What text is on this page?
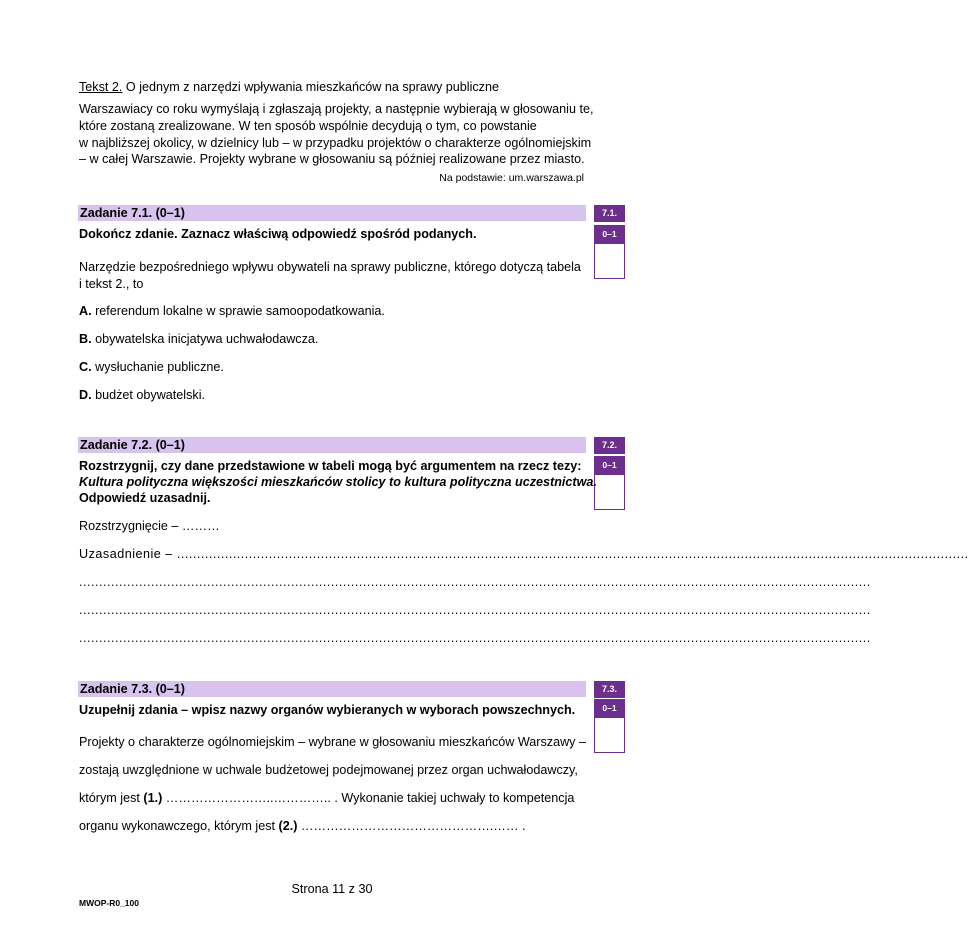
Tekst 2. O jednym z narzędzi wpływania mieszkańców na sprawy publiczne
Warszawiacy co roku wymyślają i zgłaszają projekty, a następnie wybierają w głosowaniu te,
które zostaną zrealizowane. W ten sposób wspólnie decydują o tym, co powstanie
w najbliższej okolicy, w dzielnicy lub – w przypadku projektów o charakterze ogólnomiejskim
– w całej Warszawie. Projekty wybrane w głosowaniu są później realizowane przez miasto.
Na podstawie: um.warszawa.pl
Zadanie 7.1. (0–1)	7.1.
0–1
Dokończ zdanie. Zaznacz właściwą odpowiedź spośród podanych.
Narzędzie bezpośredniego wpływu obywateli na sprawy publiczne, którego dotyczą tabela
i tekst 2., to
A. referendum lokalne w sprawie samoopodatkowania.
B. obywatelska inicjatywa uchwałodawcza.
C. wysłuchanie publiczne.
D. budżet obywatelski.
Zadanie 7.2. (0–1)	7.2.
0–1
Rozstrzygnij, czy dane przedstawione w tabeli mogą być argumentem na rzecz tezy:
Kultura polityczna większości mieszkańców stolicy to kultura polityczna uczestnictwa.
Odpowiedź uzasadnij.
Rozstrzygnięcie – ………
Uzasadnienie – ......................................................................................................................................................................................................
......................................................................................................................................................................................................
......................................................................................................................................................................................................
......................................................................................................................................................................................................
Zadanie 7.3. (0–1)	7.3.
0–1
Uzupełnij zdania – wpisz nazwy organów wybieranych w wyborach powszechnych.
Projekty o charakterze ogólnomiejskim – wybrane w głosowaniu mieszkańców Warszawy –
zostają uwzględnione w uchwale budżetowej podejmowanej przez organ uchwałodawczy,
którym jest (1.) ……………………..………….. . Wykonanie takiej uchwały to kompetencja
organu wykonawczego, którym jest (2.) ……………………………………….…… .
Strona 11 z 30
MWOP-R0_100
